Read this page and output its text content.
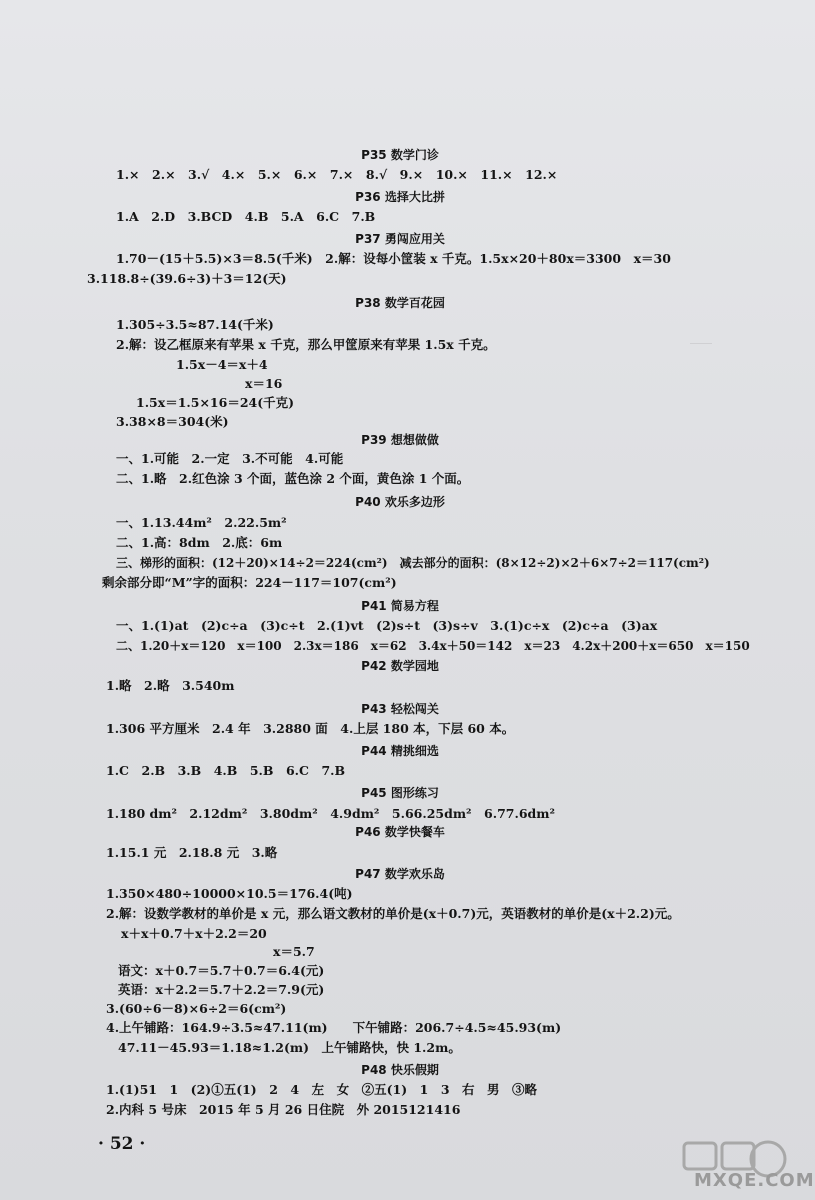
＿＿
P35 数学门诊
1.×　2.×　3.√　4.×　5.×　6.×　7.×　8.√　9.×　10.×　11.×　12.×
P36 选择大比拼
1.A　2.D　3.BCD　4.B　5.A　6.C　7.B
P37 勇闯应用关
1.70－(15＋5.5)×3＝8.5(千米)　2.解：设每小筐装 x 千克。1.5x×20＋80x＝3300　x＝30
3.118.8÷(39.6÷3)＋3＝12(天)
P38 数学百花园
1.305÷3.5≈87.14(千米)
2.解：设乙框原来有苹果 x 千克，那么甲筐原来有苹果 1.5x 千克。
1.5x－4＝x＋4
x＝16
1.5x＝1.5×16＝24(千克)
3.38×8＝304(米)
P39 想想做做
一、1.可能　2.一定　3.不可能　4.可能
二、1.略　2.红色涂 3 个面，蓝色涂 2 个面，黄色涂 1 个面。
P40 欢乐多边形
一、1.13.44m²　2.22.5m²
二、1.高：8dm　2.底：6m
三、梯形的面积：(12＋20)×14÷2＝224(cm²)　减去部分的面积：(8×12÷2)×2＋6×7÷2＝117(cm²)
剩余部分即“M”字的面积：224－117＝107(cm²)
P41 简易方程
一、1.(1)at　(2)c÷a　(3)c÷t　2.(1)vt　(2)s÷t　(3)s÷v　3.(1)c÷x　(2)c÷a　(3)ax
二、1.20＋x＝120　x＝100　2.3x＝186　x＝62　3.4x＋50＝142　x＝23　4.2x＋200＋x＝650　x＝150
P42 数学园地
1.略　2.略　3.540m
P43 轻松闯关
1.306 平方厘米　2.4 年　3.2880 面　4.上层 180 本，下层 60 本。
P44 精挑细选
1.C　2.B　3.B　4.B　5.B　6.C　7.B
P45 图形练习
1.180 dm²　2.12dm²　3.80dm²　4.9dm²　5.66.25dm²　6.77.6dm²
P46 数学快餐车
1.15.1 元　2.18.8 元　3.略
P47 数学欢乐岛
1.350×480÷10000×10.5＝176.4(吨)
2.解：设数学教材的单价是 x 元，那么语文教材的单价是(x＋0.7)元，英语教材的单价是(x＋2.2)元。
x＋x＋0.7＋x＋2.2＝20
x＝5.7
语文：x＋0.7＝5.7＋0.7＝6.4(元)
英语：x＋2.2＝5.7＋2.2＝7.9(元)
3.(60÷6－8)×6÷2＝6(cm²)
4.上午铺路：164.9÷3.5≈47.11(m)　　下午铺路：206.7÷4.5≈45.93(m)
47.11－45.93＝1.18≈1.2(m)　上午铺路快，快 1.2m。
P48 快乐假期
1.(1)51　1　(2)①五(1)　2　4　左　女　②五(1)　1　3　右　男　③略
2.内科 5 号床　2015 年 5 月 26 日住院　外 2015121416
· 52 ·
MXQE.COM
